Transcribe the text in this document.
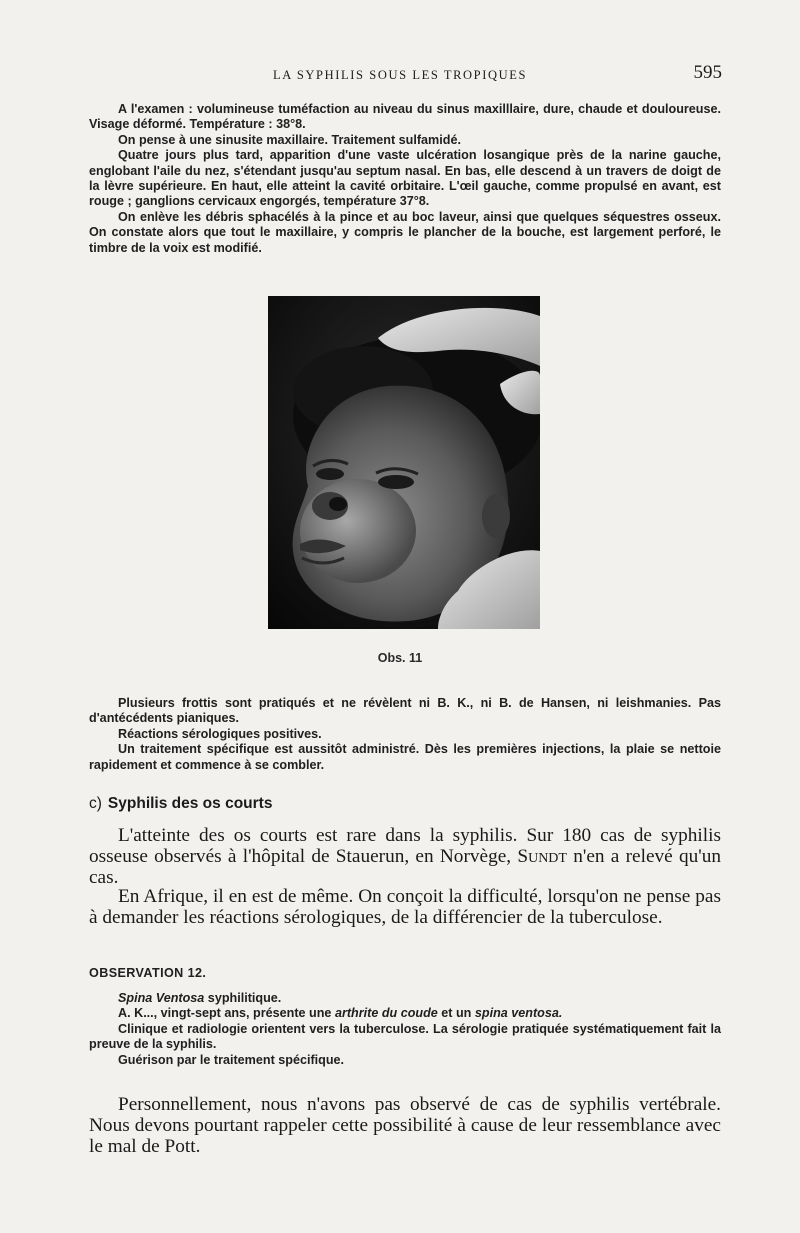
LA SYPHILIS SOUS LES TROPIQUES	595

A l'examen : volumineuse tuméfaction au niveau du sinus maxilllaire, dure, chaude et douloureuse. Visage déformé. Température : 38°8.

On pense à une sinusite maxillaire. Traitement sulfamidé.

Quatre jours plus tard, apparition d'une vaste ulcération losangique près de la narine gauche, englobant l'aile du nez, s'étendant jusqu'au septum nasal. En bas, elle descend à un travers de doigt de la lèvre supérieure. En haut, elle atteint la cavité orbitaire. L'œil gauche, comme propulsé en avant, est rouge ; ganglions cervicaux engorgés, température 37°8.

On enlève les débris sphacélés à la pince et au boc laveur, ainsi que quelques séquestres osseux. On constate alors que tout le maxillaire, y compris le plancher de la bouche, est largement perforé, le timbre de la voix est modifié.

Obs. 11

Plusieurs frottis sont pratiqués et ne révèlent ni B. K., ni B. de Hansen, ni leishmanies. Pas d'antécédents pianiques.

Réactions sérologiques positives.

Un traitement spécifique est aussitôt administré. Dès les premières injections, la plaie se nettoie rapidement et commence à se combler.

c) Syphilis des os courts

L'atteinte des os courts est rare dans la syphilis. Sur 180 cas de syphilis osseuse observés à l'hôpital de Stauerun, en Norvège, Sundt n'en a relevé qu'un cas.

En Afrique, il en est de même. On conçoit la difficulté, lorsqu'on ne pense pas à demander les réactions sérologiques, de la différencier de la tuberculose.

OBSERVATION 12.

Spina Ventosa syphilitique.

A. K..., vingt-sept ans, présente une arthrite du coude et un spina ventosa.

Clinique et radiologie orientent vers la tuberculose. La sérologie pratiquée systématiquement fait la preuve de la syphilis.

Guérison par le traitement spécifique.

Personnellement, nous n'avons pas observé de cas de syphilis vertébrale. Nous devons pourtant rappeler cette possibilité à cause de leur ressemblance avec le mal de Pott.
